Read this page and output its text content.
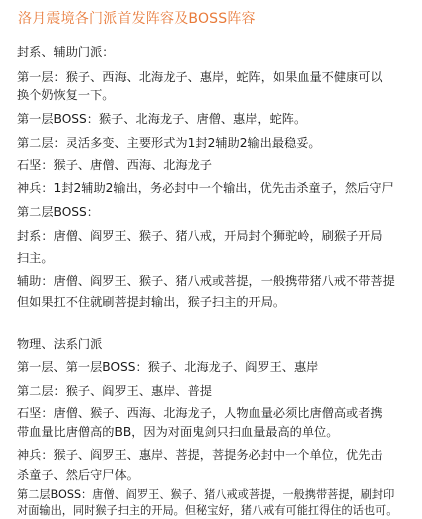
洛月震境各门派首发阵容及BOSS阵容
封系、辅助门派：
第一层：猴子、西海、北海龙子、惠岸，蛇阵，如果血量不健康可以
换个奶恢复一下。
第一层BOSS：猴子、北海龙子、唐僧、惠岸，蛇阵。
第二层：灵活多变、主要形式为1封2辅助2输出最稳妥。
石坚：猴子、唐僧、西海、北海龙子
神兵：1封2辅助2输出，务必封中一个输出，优先击杀童子，然后守尸
第二层BOSS：
封系：唐僧、阎罗王、猴子、猪八戒，开局封个狮驼岭，刷猴子开局
扫主。
辅助：唐僧、阎罗王、猴子、猪八戒或菩提，一般携带猪八戒不带菩提
但如果扛不住就刷菩提封输出，猴子扫主的开局。
物理、法系门派
第一层、第一层BOSS：猴子、北海龙子、阎罗王、惠岸
第二层：猴子、阎罗王、惠岸、普提
石坚：唐僧、猴子、西海、北海龙子，人物血量必须比唐僧高或者携
带血量比唐僧高的BB，因为对面鬼剑只扫血量最高的单位。
神兵：猴子、阎罗王、惠岸、菩提，菩提务必封中一个单位，优先击
杀童子、然后守尸体。
第二层BOSS：唐僧、阎罗王、猴子、猪八戒或菩提，一般携带菩提，刷封印
对面输出，同时猴子扫主的开局。但秘宝好，猪八戒有可能扛得住的话也可。
